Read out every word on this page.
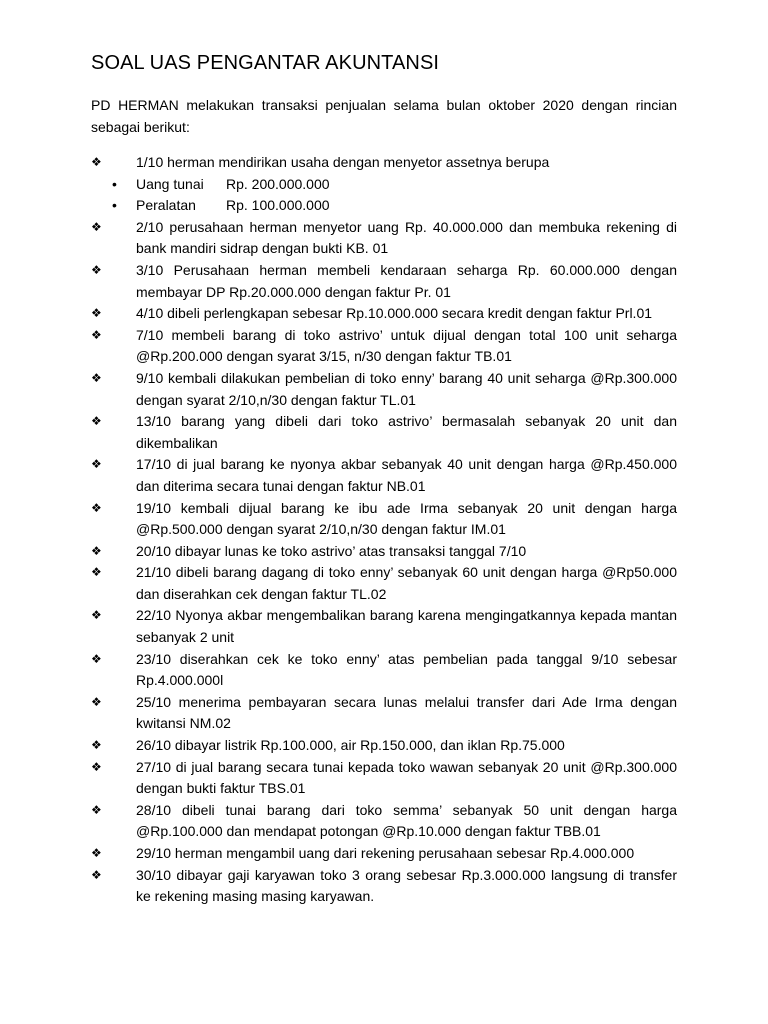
SOAL UAS PENGANTAR AKUNTANSI

PD HERMAN melakukan transaksi penjualan selama bulan oktober 2020 dengan rincian sebagai berikut:

❖ 1/10 herman mendirikan usaha dengan menyetor assetnya berupa
• Uang tunai Rp. 200.000.000
• Peralatan Rp. 100.000.000
❖ 2/10 perusahaan herman menyetor uang Rp. 40.000.000 dan membuka rekening di bank mandiri sidrap dengan bukti KB. 01
❖ 3/10 Perusahaan herman membeli kendaraan seharga Rp. 60.000.000 dengan membayar DP Rp.20.000.000 dengan faktur Pr. 01
❖ 4/10 dibeli perlengkapan sebesar Rp.10.000.000 secara kredit dengan faktur Prl.01
❖ 7/10 membeli barang di toko astrivo’ untuk dijual dengan total 100 unit seharga @Rp.200.000 dengan syarat 3/15, n/30 dengan faktur TB.01
❖ 9/10 kembali dilakukan pembelian di toko enny’ barang 40 unit seharga @Rp.300.000 dengan syarat 2/10,n/30 dengan faktur TL.01
❖ 13/10 barang yang dibeli dari toko astrivo’ bermasalah sebanyak 20 unit dan dikembalikan
❖ 17/10 di jual barang ke nyonya akbar sebanyak 40 unit dengan harga @Rp.450.000 dan diterima secara tunai dengan faktur NB.01
❖ 19/10 kembali dijual barang ke ibu ade Irma sebanyak 20 unit dengan harga @Rp.500.000 dengan syarat 2/10,n/30 dengan faktur IM.01
❖ 20/10 dibayar lunas ke toko astrivo’ atas transaksi tanggal 7/10
❖ 21/10 dibeli barang dagang di toko enny’ sebanyak 60 unit dengan harga @Rp50.000 dan diserahkan cek dengan faktur TL.02
❖ 22/10 Nyonya akbar mengembalikan barang karena mengingatkannya kepada mantan sebanyak 2 unit
❖ 23/10 diserahkan cek ke toko enny’ atas pembelian pada tanggal 9/10 sebesar Rp.4.000.000l
❖ 25/10 menerima pembayaran secara lunas melalui transfer dari Ade Irma dengan kwitansi NM.02
❖ 26/10 dibayar listrik Rp.100.000, air Rp.150.000, dan iklan Rp.75.000
❖ 27/10 di jual barang secara tunai kepada toko wawan sebanyak 20 unit @Rp.300.000 dengan bukti faktur TBS.01
❖ 28/10 dibeli tunai barang dari toko semma’ sebanyak 50 unit dengan harga @Rp.100.000 dan mendapat potongan @Rp.10.000 dengan faktur TBB.01
❖ 29/10 herman mengambil uang dari rekening perusahaan sebesar Rp.4.000.000
❖ 30/10 dibayar gaji karyawan toko 3 orang sebesar Rp.3.000.000 langsung di transfer ke rekening masing masing karyawan.
